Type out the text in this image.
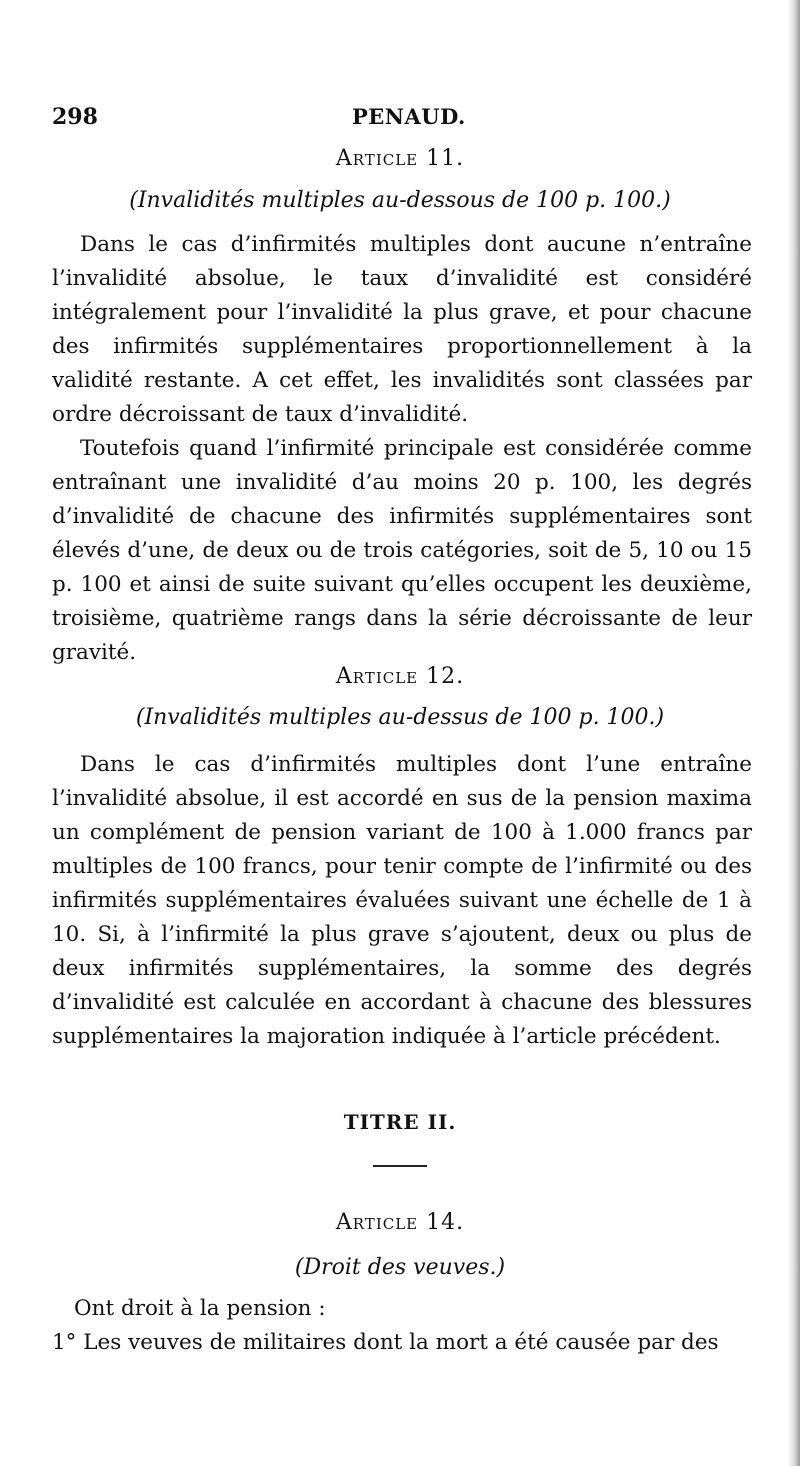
298	PENAUD.
Article 11.
(Invalidités multiples au-dessous de 100 p. 100.)

Dans le cas d’infirmités multiples dont aucune n’entraîne l’invalidité absolue, le taux d’invalidité est considéré intégralement pour l’invalidité la plus grave, et pour chacune des infirmités supplémentaires proportionnellement à la validité restante. A cet effet, les invalidités sont classées par ordre décroissant de taux d’invalidité.

Toutefois quand l’infirmité principale est considérée comme entraînant une invalidité d’au moins 20 p. 100, les degrés d’invalidité de chacune des infirmités supplémentaires sont élevés d’une, de deux ou de trois catégories, soit de 5, 10 ou 15 p. 100 et ainsi de suite suivant qu’elles occupent les deuxième, troisième, quatrième rangs dans la série décroissante de leur gravité.

Article 12.
(Invalidités multiples au-dessus de 100 p. 100.)

Dans le cas d’infirmités multiples dont l’une entraîne l’invalidité absolue, il est accordé en sus de la pension maxima un complément de pension variant de 100 à 1.000 francs par multiples de 100 francs, pour tenir compte de l’infirmité ou des infirmités supplémentaires évaluées suivant une échelle de 1 à 10. Si, à l’infirmité la plus grave s’ajoutent, deux ou plus de deux infirmités supplémentaires, la somme des degrés d’invalidité est calculée en accordant à chacune des blessures supplémentaires la majoration indiquée à l’article précédent.

TITRE II.
Article 14.
(Droit des veuves.)

Ont droit à la pension :

1° Les veuves de militaires dont la mort a été causée par des
